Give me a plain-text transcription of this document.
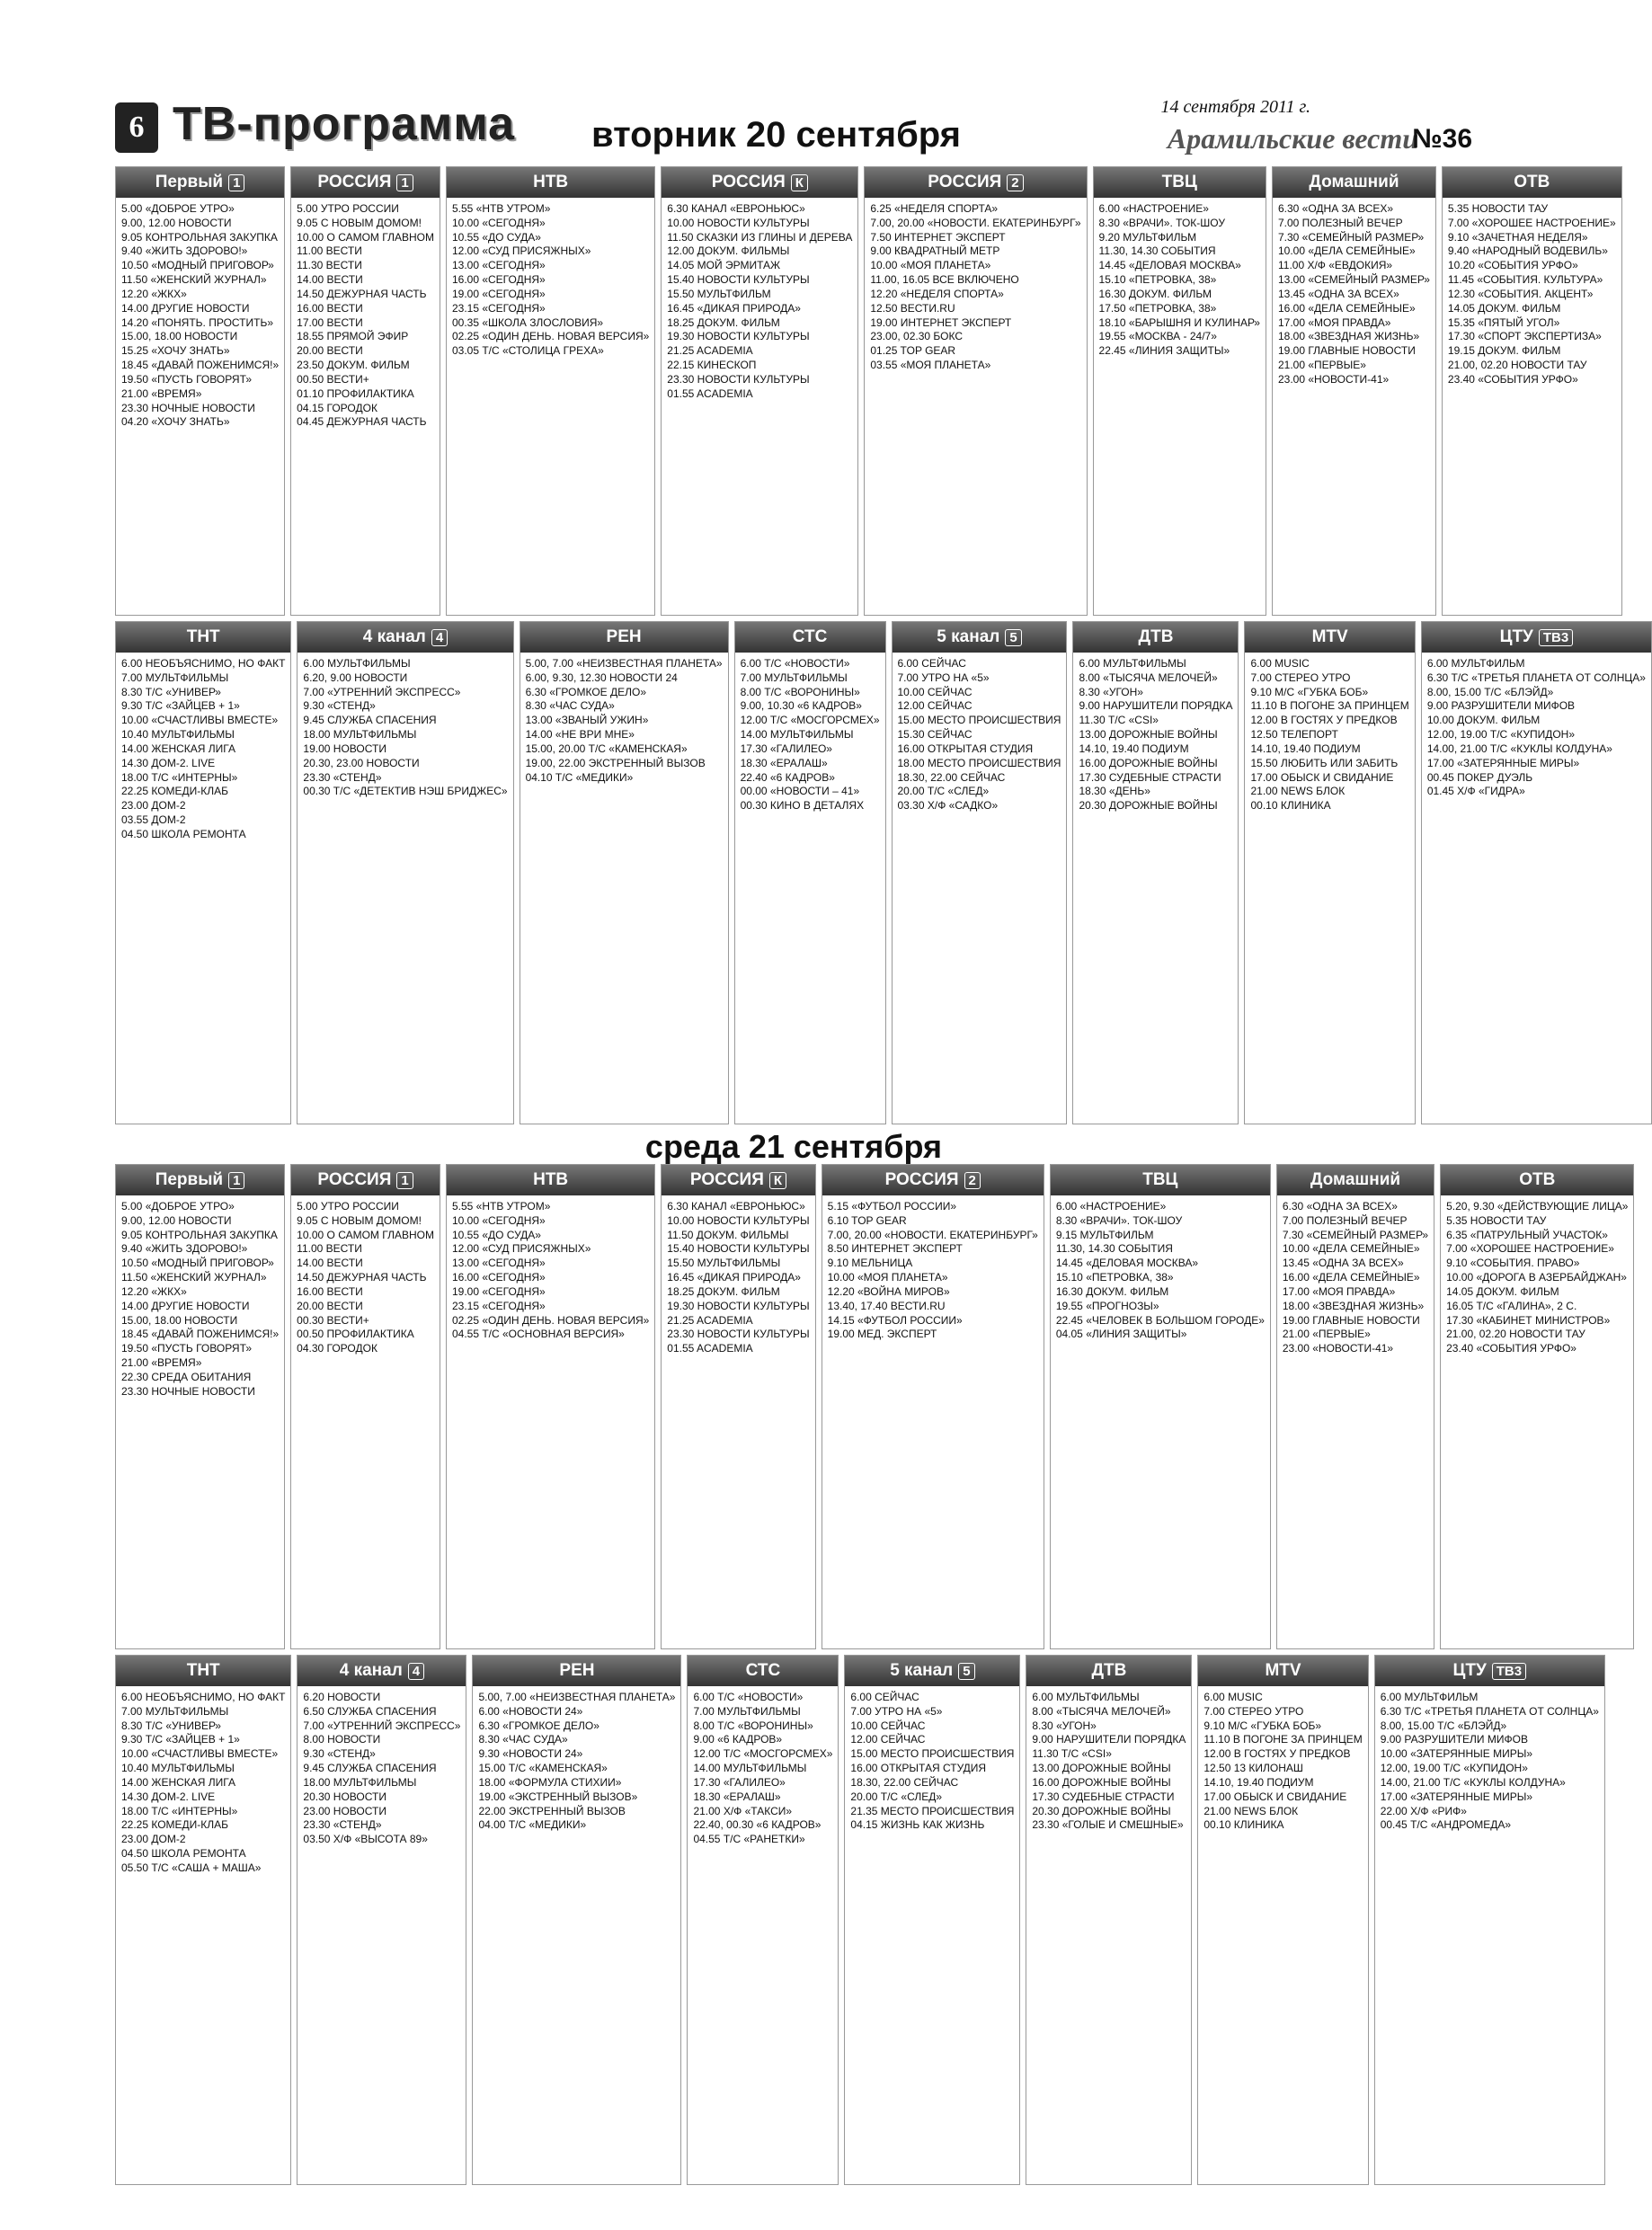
6 ТВ-программа вторник 20 сентября
14 сентября 2011 г.
Арамильские вести
№36
Первый 1
5.00 «ДОБРОЕ УТРО»
9.00, 12.00 НОВОСТИ
9.05 КОНТРОЛЬНАЯ ЗАКУПКА
9.40 «ЖИТЬ ЗДОРОВО!»
10.50 «МОДНЫЙ ПРИГОВОР»
11.50 «ЖЕНСКИЙ ЖУРНАЛ»
12.20 «ЖКХ»
14.00 ДРУГИЕ НОВОСТИ
14.20 «ПОНЯТЬ. ПРОСТИТЬ»
15.00, 18.00 НОВОСТИ
15.25 «ХОЧУ ЗНАТЬ»
18.45 «ДАВАЙ ПОЖЕНИМСЯ!»
19.50 «ПУСТЬ ГОВОРЯТ»
21.00 «ВРЕМЯ»
23.30 НОЧНЫЕ НОВОСТИ
04.20 «ХОЧУ ЗНАТЬ»
РОССИЯ 1
5.00 УТРО РОССИИ
9.05 С НОВЫМ ДОМОМ!
10.00 О САМОМ ГЛАВНОМ
11.00 ВЕСТИ
11.30 ВЕСТИ
14.00 ВЕСТИ
14.50 ДЕЖУРНАЯ ЧАСТЬ
16.00 ВЕСТИ
17.00 ВЕСТИ
18.55 ПРЯМОЙ ЭФИР
20.00 ВЕСТИ
23.50 ДОКУМ. ФИЛЬМ
00.50 ВЕСТИ+
01.10 ПРОФИЛАКТИКА
04.15 ГОРОДОК
04.45 ДЕЖУРНАЯ ЧАСТЬ
НТВ
5.55 «НТВ УТРОМ»
10.00 «СЕГОДНЯ»
10.55 «ДО СУДА»
12.00 «СУД ПРИСЯЖНЫХ»
13.00 «СЕГОДНЯ»
16.00 «СЕГОДНЯ»
19.00 «СЕГОДНЯ»
23.15 «СЕГОДНЯ»
00.35 «ШКОЛА ЗЛОСЛОВИЯ»
02.25 «ОДИН ДЕНЬ. НОВАЯ ВЕРСИЯ»
03.05 Т/С «СТОЛИЦА ГРЕХА»
РОССИЯ К
6.30 КАНАЛ «ЕВРОНЬЮС»
10.00 НОВОСТИ КУЛЬТУРЫ
11.50 СКАЗКИ ИЗ ГЛИНЫ И ДЕРЕВА
12.00 ДОКУМ. ФИЛЬМЫ
14.05 МОЙ ЭРМИТАЖ
15.40 НОВОСТИ КУЛЬТУРЫ
15.50 МУЛЬТФИЛЬМ
16.45 «ДИКАЯ ПРИРОДА»
18.25 ДОКУМ. ФИЛЬМ
19.30 НОВОСТИ КУЛЬТУРЫ
21.25 ACADEMIA
22.15 КИНЕСКОП
23.30 НОВОСТИ КУЛЬТУРЫ
01.55 ACADEMIA
РОССИЯ 2
6.25 «НЕДЕЛЯ СПОРТА»
7.00, 20.00 «НОВОСТИ. ЕКАТЕРИНБУРГ»
7.50 ИНТЕРНЕТ ЭКСПЕРТ
9.00 КВАДРАТНЫЙ МЕТР
10.00 «МОЯ ПЛАНЕТА»
11.00, 16.05 ВСЕ ВКЛЮЧЕНО
12.20 «НЕДЕЛЯ СПОРТА»
12.50 ВЕСТИ.RU
19.00 ИНТЕРНЕТ ЭКСПЕРТ
23.00, 02.30 БОКС
01.25 TOP GEAR
03.55 «МОЯ ПЛАНЕТА»
ТВЦ
6.00 «НАСТРОЕНИЕ»
8.30 «ВРАЧИ». ТОК-ШОУ
9.20 МУЛЬТФИЛЬМ
11.30, 14.30 СОБЫТИЯ
14.45 «ДЕЛОВАЯ МОСКВА»
15.10 «ПЕТРОВКА, 38»
16.30 ДОКУМ. ФИЛЬМ
17.50 «ПЕТРОВКА, 38»
18.10 «БАРЫШНЯ И КУЛИНАР»
19.55 «МОСКВА - 24/7»
22.45 «ЛИНИЯ ЗАЩИТЫ»
Домашний
6.30 «ОДНА ЗА ВСЕХ»
7.00 ПОЛЕЗНЫЙ ВЕЧЕР
7.30 «СЕМЕЙНЫЙ РАЗМЕР»
10.00 «ДЕЛА СЕМЕЙНЫЕ»
11.00 Х/Ф «ЕВДОКИЯ»
13.00 «СЕМЕЙНЫЙ РАЗМЕР»
13.45 «ОДНА ЗА ВСЕХ»
16.00 «ДЕЛА СЕМЕЙНЫЕ»
17.00 «МОЯ ПРАВДА»
18.00 «ЗВЕЗДНАЯ ЖИЗНЬ»
19.00 ГЛАВНЫЕ НОВОСТИ
21.00 «ПЕРВЫЕ»
23.00 «НОВОСТИ-41»
ОТВ
5.35 НОВОСТИ ТАУ
7.00 «ХОРОШЕЕ НАСТРОЕНИЕ»
9.10 «ЗАЧЕТНАЯ НЕДЕЛЯ»
9.40 «НАРОДНЫЙ ВОДЕВИЛЬ»
10.20 «СОБЫТИЯ УРФО»
11.45 «СОБЫТИЯ. КУЛЬТУРА»
12.30 «СОБЫТИЯ. АКЦЕНТ»
14.05 ДОКУМ. ФИЛЬМ
15.35 «ПЯТЫЙ УГОЛ»
17.30 «СПОРТ ЭКСПЕРТИЗА»
19.15 ДОКУМ. ФИЛЬМ
21.00, 02.20 НОВОСТИ ТАУ
23.40 «СОБЫТИЯ УРФО»
ТНТ
6.00 НЕОБЪЯСНИМО, НО ФАКТ
7.00 МУЛЬТФИЛЬМЫ
8.30 Т/С «УНИВЕР»
9.30 Т/С «ЗАЙЦЕВ + 1»
10.00 «СЧАСТЛИВЫ ВМЕСТЕ»
10.40 МУЛЬТФИЛЬМЫ
14.00 ЖЕНСКАЯ ЛИГА
14.30 ДОМ-2. LIVE
18.00 Т/С «ИНТЕРНЫ»
22.25 КОМЕДИ-КЛАБ
23.00 ДОМ-2
03.55 ДОМ-2
04.50 ШКОЛА РЕМОНТА
4 канал 4
6.00 МУЛЬТФИЛЬМЫ
6.20, 9.00 НОВОСТИ
7.00 «УТРЕННИЙ ЭКСПРЕСС»
9.30 «СТЕНД»
9.45 СЛУЖБА СПАСЕНИЯ
18.00 МУЛЬТФИЛЬМЫ
19.00 НОВОСТИ
20.30, 23.00 НОВОСТИ
23.30 «СТЕНД»
00.30 Т/С «ДЕТЕКТИВ НЭШ БРИДЖЕС»
РЕН
5.00, 7.00 «НЕИЗВЕСТНАЯ ПЛАНЕТА»
6.00, 9.30, 12.30 НОВОСТИ 24
6.30 «ГРОМКОЕ ДЕЛО»
8.30 «ЧАС СУДА»
13.00 «ЗВАНЫЙ УЖИН»
14.00 «НЕ ВРИ МНЕ»
15.00, 20.00 Т/С «КАМЕНСКАЯ»
19.00, 22.00 ЭКСТРЕННЫЙ ВЫЗОВ
04.10 Т/С «МЕДИКИ»
СТС
6.00 Т/С «НОВОСТИ»
7.00 МУЛЬТФИЛЬМЫ
8.00 Т/С «ВОРОНИНЫ»
9.00, 10.30 «6 КАДРОВ»
12.00 Т/С «МОСГОРСМЕХ»
14.00 МУЛЬТФИЛЬМЫ
17.30 «ГАЛИЛЕО»
18.30 «ЕРАЛАШ»
22.40 «6 КАДРОВ»
00.00 «НОВОСТИ – 41»
00.30 КИНО В ДЕТАЛЯХ
5 канал 5
6.00 СЕЙЧАС
7.00 УТРО НА «5»
10.00 СЕЙЧАС
12.00 СЕЙЧАС
15.00 МЕСТО ПРОИСШЕСТВИЯ
15.30 СЕЙЧАС
16.00 ОТКРЫТАЯ СТУДИЯ
18.00 МЕСТО ПРОИСШЕСТВИЯ
18.30, 22.00 СЕЙЧАС
20.00 Т/С «СЛЕД»
03.30 Х/Ф «САДКО»
ДТВ
6.00 МУЛЬТФИЛЬМЫ
8.00 «ТЫСЯЧА МЕЛОЧЕЙ»
8.30 «УГОН»
9.00 НАРУШИТЕЛИ ПОРЯДКА
11.30 Т/С «CSI»
13.00 ДОРОЖНЫЕ ВОЙНЫ
14.10, 19.40 ПОДИУМ
16.00 ДОРОЖНЫЕ ВОЙНЫ
17.30 СУДЕБНЫЕ СТРАСТИ
18.30 «ДЕНЬ»
20.30 ДОРОЖНЫЕ ВОЙНЫ
MTV
6.00 MUSIC
7.00 СТЕРЕО УТРО
9.10 М/С «ГУБКА БОБ»
11.10 В ПОГОНЕ ЗА ПРИНЦЕМ
12.00 В ГОСТЯХ У ПРЕДКОВ
12.50 ТЕЛЕПОРТ
14.10, 19.40 ПОДИУМ
15.50 ЛЮБИТЬ ИЛИ ЗАБИТЬ
17.00 ОБЫСК И СВИДАНИЕ
21.00 NEWS БЛОК
00.10 КЛИНИКА
ЦТУ ТВ3
6.00 МУЛЬТФИЛЬМ
6.30 Т/С «ТРЕТЬЯ ПЛАНЕТА ОТ СОЛНЦА»
8.00, 15.00 Т/С «БЛЭЙД»
9.00 РАЗРУШИТЕЛИ МИФОВ
10.00 ДОКУМ. ФИЛЬМ
12.00, 19.00 Т/С «КУПИДОН»
14.00, 21.00 Т/С «КУКЛЫ КОЛДУНА»
17.00 «ЗАТЕРЯННЫЕ МИРЫ»
00.45 ПОКЕР ДУЭЛЬ
01.45 Х/Ф «ГИДРА»
среда 21 сентября
Первый 1
5.00 «ДОБРОЕ УТРО»
9.00, 12.00 НОВОСТИ
9.05 КОНТРОЛЬНАЯ ЗАКУПКА
9.40 «ЖИТЬ ЗДОРОВО!»
10.50 «МОДНЫЙ ПРИГОВОР»
11.50 «ЖЕНСКИЙ ЖУРНАЛ»
12.20 «ЖКХ»
14.00 ДРУГИЕ НОВОСТИ
15.00, 18.00 НОВОСТИ
18.45 «ДАВАЙ ПОЖЕНИМСЯ!»
19.50 «ПУСТЬ ГОВОРЯТ»
21.00 «ВРЕМЯ»
22.30 СРЕДА ОБИТАНИЯ
23.30 НОЧНЫЕ НОВОСТИ
РОССИЯ 1
5.00 УТРО РОССИИ
9.05 С НОВЫМ ДОМОМ!
10.00 О САМОМ ГЛАВНОМ
11.00 ВЕСТИ
14.00 ВЕСТИ
14.50 ДЕЖУРНАЯ ЧАСТЬ
16.00 ВЕСТИ
20.00 ВЕСТИ
00.30 ВЕСТИ+
00.50 ПРОФИЛАКТИКА
04.30 ГОРОДОК
НТВ
5.55 «НТВ УТРОМ»
10.00 «СЕГОДНЯ»
10.55 «ДО СУДА»
12.00 «СУД ПРИСЯЖНЫХ»
13.00 «СЕГОДНЯ»
16.00 «СЕГОДНЯ»
19.00 «СЕГОДНЯ»
23.15 «СЕГОДНЯ»
02.25 «ОДИН ДЕНЬ. НОВАЯ ВЕРСИЯ»
04.55 Т/С «ОСНОВНАЯ ВЕРСИЯ»
РОССИЯ К
6.30 КАНАЛ «ЕВРОНЬЮС»
10.00 НОВОСТИ КУЛЬТУРЫ
11.50 ДОКУМ. ФИЛЬМЫ
15.40 НОВОСТИ КУЛЬТУРЫ
15.50 МУЛЬТФИЛЬМЫ
16.45 «ДИКАЯ ПРИРОДА»
18.25 ДОКУМ. ФИЛЬМ
19.30 НОВОСТИ КУЛЬТУРЫ
21.25 ACADEMIA
23.30 НОВОСТИ КУЛЬТУРЫ
01.55 ACADEMIA
РОССИЯ 2
5.15 «ФУТБОЛ РОССИИ»
6.10 TOP GEAR
7.00, 20.00 «НОВОСТИ. ЕКАТЕРИНБУРГ»
8.50 ИНТЕРНЕТ ЭКСПЕРТ
9.10 МЕЛЬНИЦА
10.00 «МОЯ ПЛАНЕТА»
12.20 «ВОЙНА МИРОВ»
13.40, 17.40 ВЕСТИ.RU
14.15 «ФУТБОЛ РОССИИ»
19.00 МЕД. ЭКСПЕРТ
ТВЦ
6.00 «НАСТРОЕНИЕ»
8.30 «ВРАЧИ». ТОК-ШОУ
9.15 МУЛЬТФИЛЬМ
11.30, 14.30 СОБЫТИЯ
14.45 «ДЕЛОВАЯ МОСКВА»
15.10 «ПЕТРОВКА, 38»
16.30 ДОКУМ. ФИЛЬМ
19.55 «ПРОГНОЗЫ»
22.45 «ЧЕЛОВЕК В БОЛЬШОМ ГОРОДЕ»
04.05 «ЛИНИЯ ЗАЩИТЫ»
Домашний
6.30 «ОДНА ЗА ВСЕХ»
7.00 ПОЛЕЗНЫЙ ВЕЧЕР
7.30 «СЕМЕЙНЫЙ РАЗМЕР»
10.00 «ДЕЛА СЕМЕЙНЫЕ»
13.45 «ОДНА ЗА ВСЕХ»
16.00 «ДЕЛА СЕМЕЙНЫЕ»
17.00 «МОЯ ПРАВДА»
18.00 «ЗВЕЗДНАЯ ЖИЗНЬ»
19.00 ГЛАВНЫЕ НОВОСТИ
21.00 «ПЕРВЫЕ»
23.00 «НОВОСТИ-41»
ОТВ
5.20, 9.30 «ДЕЙСТВУЮЩИЕ ЛИЦА»
5.35 НОВОСТИ ТАУ
6.35 «ПАТРУЛЬНЫЙ УЧАСТОК»
7.00 «ХОРОШЕЕ НАСТРОЕНИЕ»
9.10 «СОБЫТИЯ. ПРАВО»
10.00 «ДОРОГА В АЗЕРБАЙДЖАН»
14.05 ДОКУМ. ФИЛЬМ
16.05 Т/С «ГАЛИНА», 2 С.
17.30 «КАБИНЕТ МИНИСТРОВ»
21.00, 02.20 НОВОСТИ ТАУ
23.40 «СОБЫТИЯ УРФО»
ТНТ
6.00 НЕОБЪЯСНИМО, НО ФАКТ
7.00 МУЛЬТФИЛЬМЫ
8.30 Т/С «УНИВЕР»
9.30 Т/С «ЗАЙЦЕВ + 1»
10.00 «СЧАСТЛИВЫ ВМЕСТЕ»
10.40 МУЛЬТФИЛЬМЫ
14.00 ЖЕНСКАЯ ЛИГА
14.30 ДОМ-2. LIVE
18.00 Т/С «ИНТЕРНЫ»
22.25 КОМЕДИ-КЛАБ
23.00 ДОМ-2
04.50 ШКОЛА РЕМОНТА
05.50 Т/С «САША + МАША»
4 канал 4
6.20 НОВОСТИ
6.50 СЛУЖБА СПАСЕНИЯ
7.00 «УТРЕННИЙ ЭКСПРЕСС»
8.00 НОВОСТИ
9.30 «СТЕНД»
9.45 СЛУЖБА СПАСЕНИЯ
18.00 МУЛЬТФИЛЬМЫ
20.30 НОВОСТИ
23.00 НОВОСТИ
23.30 «СТЕНД»
03.50 Х/Ф «ВЫСОТА 89»
РЕН
5.00, 7.00 «НЕИЗВЕСТНАЯ ПЛАНЕТА»
6.00 «НОВОСТИ 24»
6.30 «ГРОМКОЕ ДЕЛО»
8.30 «ЧАС СУДА»
9.30 «НОВОСТИ 24»
15.00 Т/С «КАМЕНСКАЯ»
18.00 «ФОРМУЛА СТИХИИ»
19.00 «ЭКСТРЕННЫЙ ВЫЗОВ»
22.00 ЭКСТРЕННЫЙ ВЫЗОВ
04.00 Т/С «МЕДИКИ»
СТС
6.00 Т/С «НОВОСТИ»
7.00 МУЛЬТФИЛЬМЫ
8.00 Т/С «ВОРОНИНЫ»
9.00 «6 КАДРОВ»
12.00 Т/С «МОСГОРСМЕХ»
14.00 МУЛЬТФИЛЬМЫ
17.30 «ГАЛИЛЕО»
18.30 «ЕРАЛАШ»
21.00 Х/Ф «ТАКСИ»
22.40, 00.30 «6 КАДРОВ»
04.55 Т/С «РАНЕТКИ»
5 канал 5
6.00 СЕЙЧАС
7.00 УТРО НА «5»
10.00 СЕЙЧАС
12.00 СЕЙЧАС
15.00 МЕСТО ПРОИСШЕСТВИЯ
16.00 ОТКРЫТАЯ СТУДИЯ
18.30, 22.00 СЕЙЧАС
20.00 Т/С «СЛЕД»
21.35 МЕСТО ПРОИСШЕСТВИЯ
04.15 ЖИЗНЬ КАК ЖИЗНЬ
ДТВ
6.00 МУЛЬТФИЛЬМЫ
8.00 «ТЫСЯЧА МЕЛОЧЕЙ»
8.30 «УГОН»
9.00 НАРУШИТЕЛИ ПОРЯДКА
11.30 Т/С «CSI»
13.00 ДОРОЖНЫЕ ВОЙНЫ
16.00 ДОРОЖНЫЕ ВОЙНЫ
17.30 СУДЕБНЫЕ СТРАСТИ
20.30 ДОРОЖНЫЕ ВОЙНЫ
23.30 «ГОЛЫЕ И СМЕШНЫЕ»
MTV
6.00 MUSIC
7.00 СТЕРЕО УТРО
9.10 М/С «ГУБКА БОБ»
11.10 В ПОГОНЕ ЗА ПРИНЦЕМ
12.00 В ГОСТЯХ У ПРЕДКОВ
12.50 13 КИЛОНАШ
14.10, 19.40 ПОДИУМ
17.00 ОБЫСК И СВИДАНИЕ
21.00 NEWS БЛОК
00.10 КЛИНИКА
ЦТУ ТВ3
6.00 МУЛЬТФИЛЬМ
6.30 Т/С «ТРЕТЬЯ ПЛАНЕТА ОТ СОЛНЦА»
8.00, 15.00 Т/С «БЛЭЙД»
9.00 РАЗРУШИТЕЛИ МИФОВ
10.00 «ЗАТЕРЯННЫЕ МИРЫ»
12.00, 19.00 Т/С «КУПИДОН»
14.00, 21.00 Т/С «КУКЛЫ КОЛДУНА»
17.00 «ЗАТЕРЯННЫЕ МИРЫ»
22.00 Х/Ф «РИФ»
00.45 Т/С «АНДРОМЕДА»
